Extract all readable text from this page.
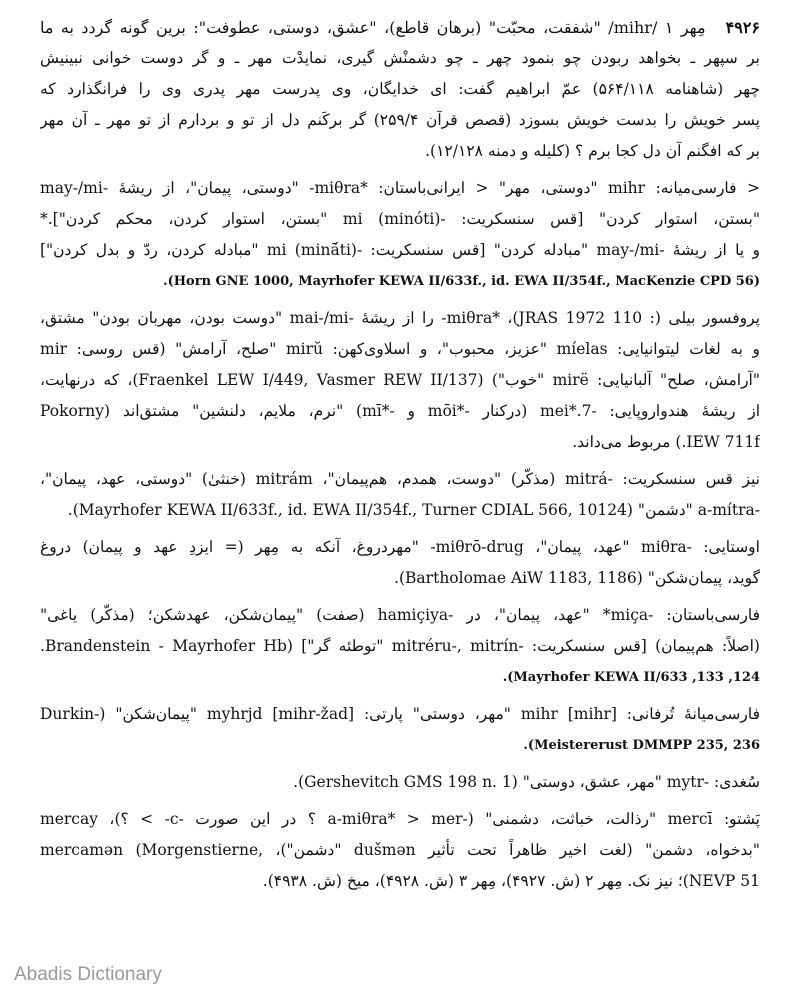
۴۹۲۶
مِهر ۱ /mihr/ "شفقت، محبّت" (برهان قاطع)، "عشق، دوستی، عطوفت": برین گونه گردد به ما
بر سپهر ـ بخواهد ربودن چو بنمود چهر ـ چو دشمنْش گیری، نمایدْت مهر ـ و گر دوست خوانی نبینیش
چهر (شاهنامه ۵۶۴/۱۱۸) عمّ ابراهیم گفت: ای خدایگان، وی پدرست مهر پدری وی را فرانگذارد که
پسر خویش را بدست خویش بسوزد (قصص قرآن ۲۵۹/۴) گر برکَنم دل از تو و بردارم از تو مهر ـ آن مهر
بر که افگنم آن دل کجا برم ؟ (کلیله و دمنه ۱۲/۱۲۸).
< فارسی‌میانه: mihr "دوستی، مهر" < ایرانی‌باستان: *miθra- "دوستی، پیمان"، از ریشهٔ -may-/mi
"بستن، استوار کردن" [قس سنسکریت: -mi (minóti) "بستن، استوار کردن، محکم کردن"].*
و یا از ریشهٔ -may-/mi "مبادله کردن" [قس سنسکریت: -mi (minā́ti) "مبادله کردن، ردّ و بدل کردن"]
(Horn GNE 1000, Mayrhofer KEWA II/633f., id. EWA II/354f., MacKenzie CPD 56).
پروفسور بیلی (: JRAS 1972 110)، *miθra- را از ریشهٔ -mai-/mi "دوست بودن، مهربان بودن" مشتق،
و به لغات لیتوانیایی: míelas "عزیز، محبوب"، و اسلاوی‌کهن: mirŭ "صلح، آرامش" (قس روسی: mir
"آرامش، صلح" آلبانیایی: mirë "خوب") (Fraenkel LEW I/449, Vasmer REW II/137)، که درنهایت،
از ریشهٔ هندواروپایی: -7.*mei (درکنار -*mōi و -*mī) "نرم، ملایم، دلنشین" مشتق‌اند (Pokorny
IEW 711f.) مربوط می‌داند.
نیز قس سنسکریت: -mitrá (مذکّر) "دوست، همدم، هم‌پیمان"، mitrám (خنثیٰ) "دوستی، عهد، پیمان"،
-a-mítra "دشمن" (Mayrhofer KEWA II/633f., id. EWA II/354f., Turner CDIAL 566, 10124).
اوستایی: -miθra "عهد، پیمان"، miθrō-drug- "مهردروغ، آنکه به مِهر (= ایزدِ عهد و پیمان) دروغ
گوید، پیمان‌شکن" (Bartholomae AiW 1183, 1186).
فارسی‌باستان: -miça* "عهد، پیمان"، در -hamiçiya (صفت) "پیمان‌شکن، عهدشکن؛ (مذکّر) یاغی"
(اصلاً: هم‌پیمان) [قس سنسکریت: -mitréru-, mitrín "توطئه گر"] (Brandenstein - Mayrhofer Hb.
124, 133, Mayrhofer KEWA II/633).
فارسی‌میانهٔ تُرفانی: mihr [mihr] "مهر، دوستی" پارتی: myhrjd [mihr-žad] "پیمان‌شکن" (-Durkin
Meistererust DMMPP 235, 236).
سُغدی: -mytr "مهر، عشق، دوستی" (Gershevitch GMS 198 n. 1).
پَشتو: mercī "رذالت، خباثت، دشمنی" (-a-miθra* > mer ؟ در این صورت -c- > ؟)، mercay
"بدخواه، دشمن" (لغت اخیر ظاهراً تحت تأثیر dušmən "دشمن")، ,mercamən (Morgenstierne
NEVP 51)؛ نیز نک. مِهر ۲ (ش. ۴۹۲۷)، مِهر ۳ (ش. ۴۹۲۸)، میخ (ش. ۴۹۳۸).
Abadis Dictionary
